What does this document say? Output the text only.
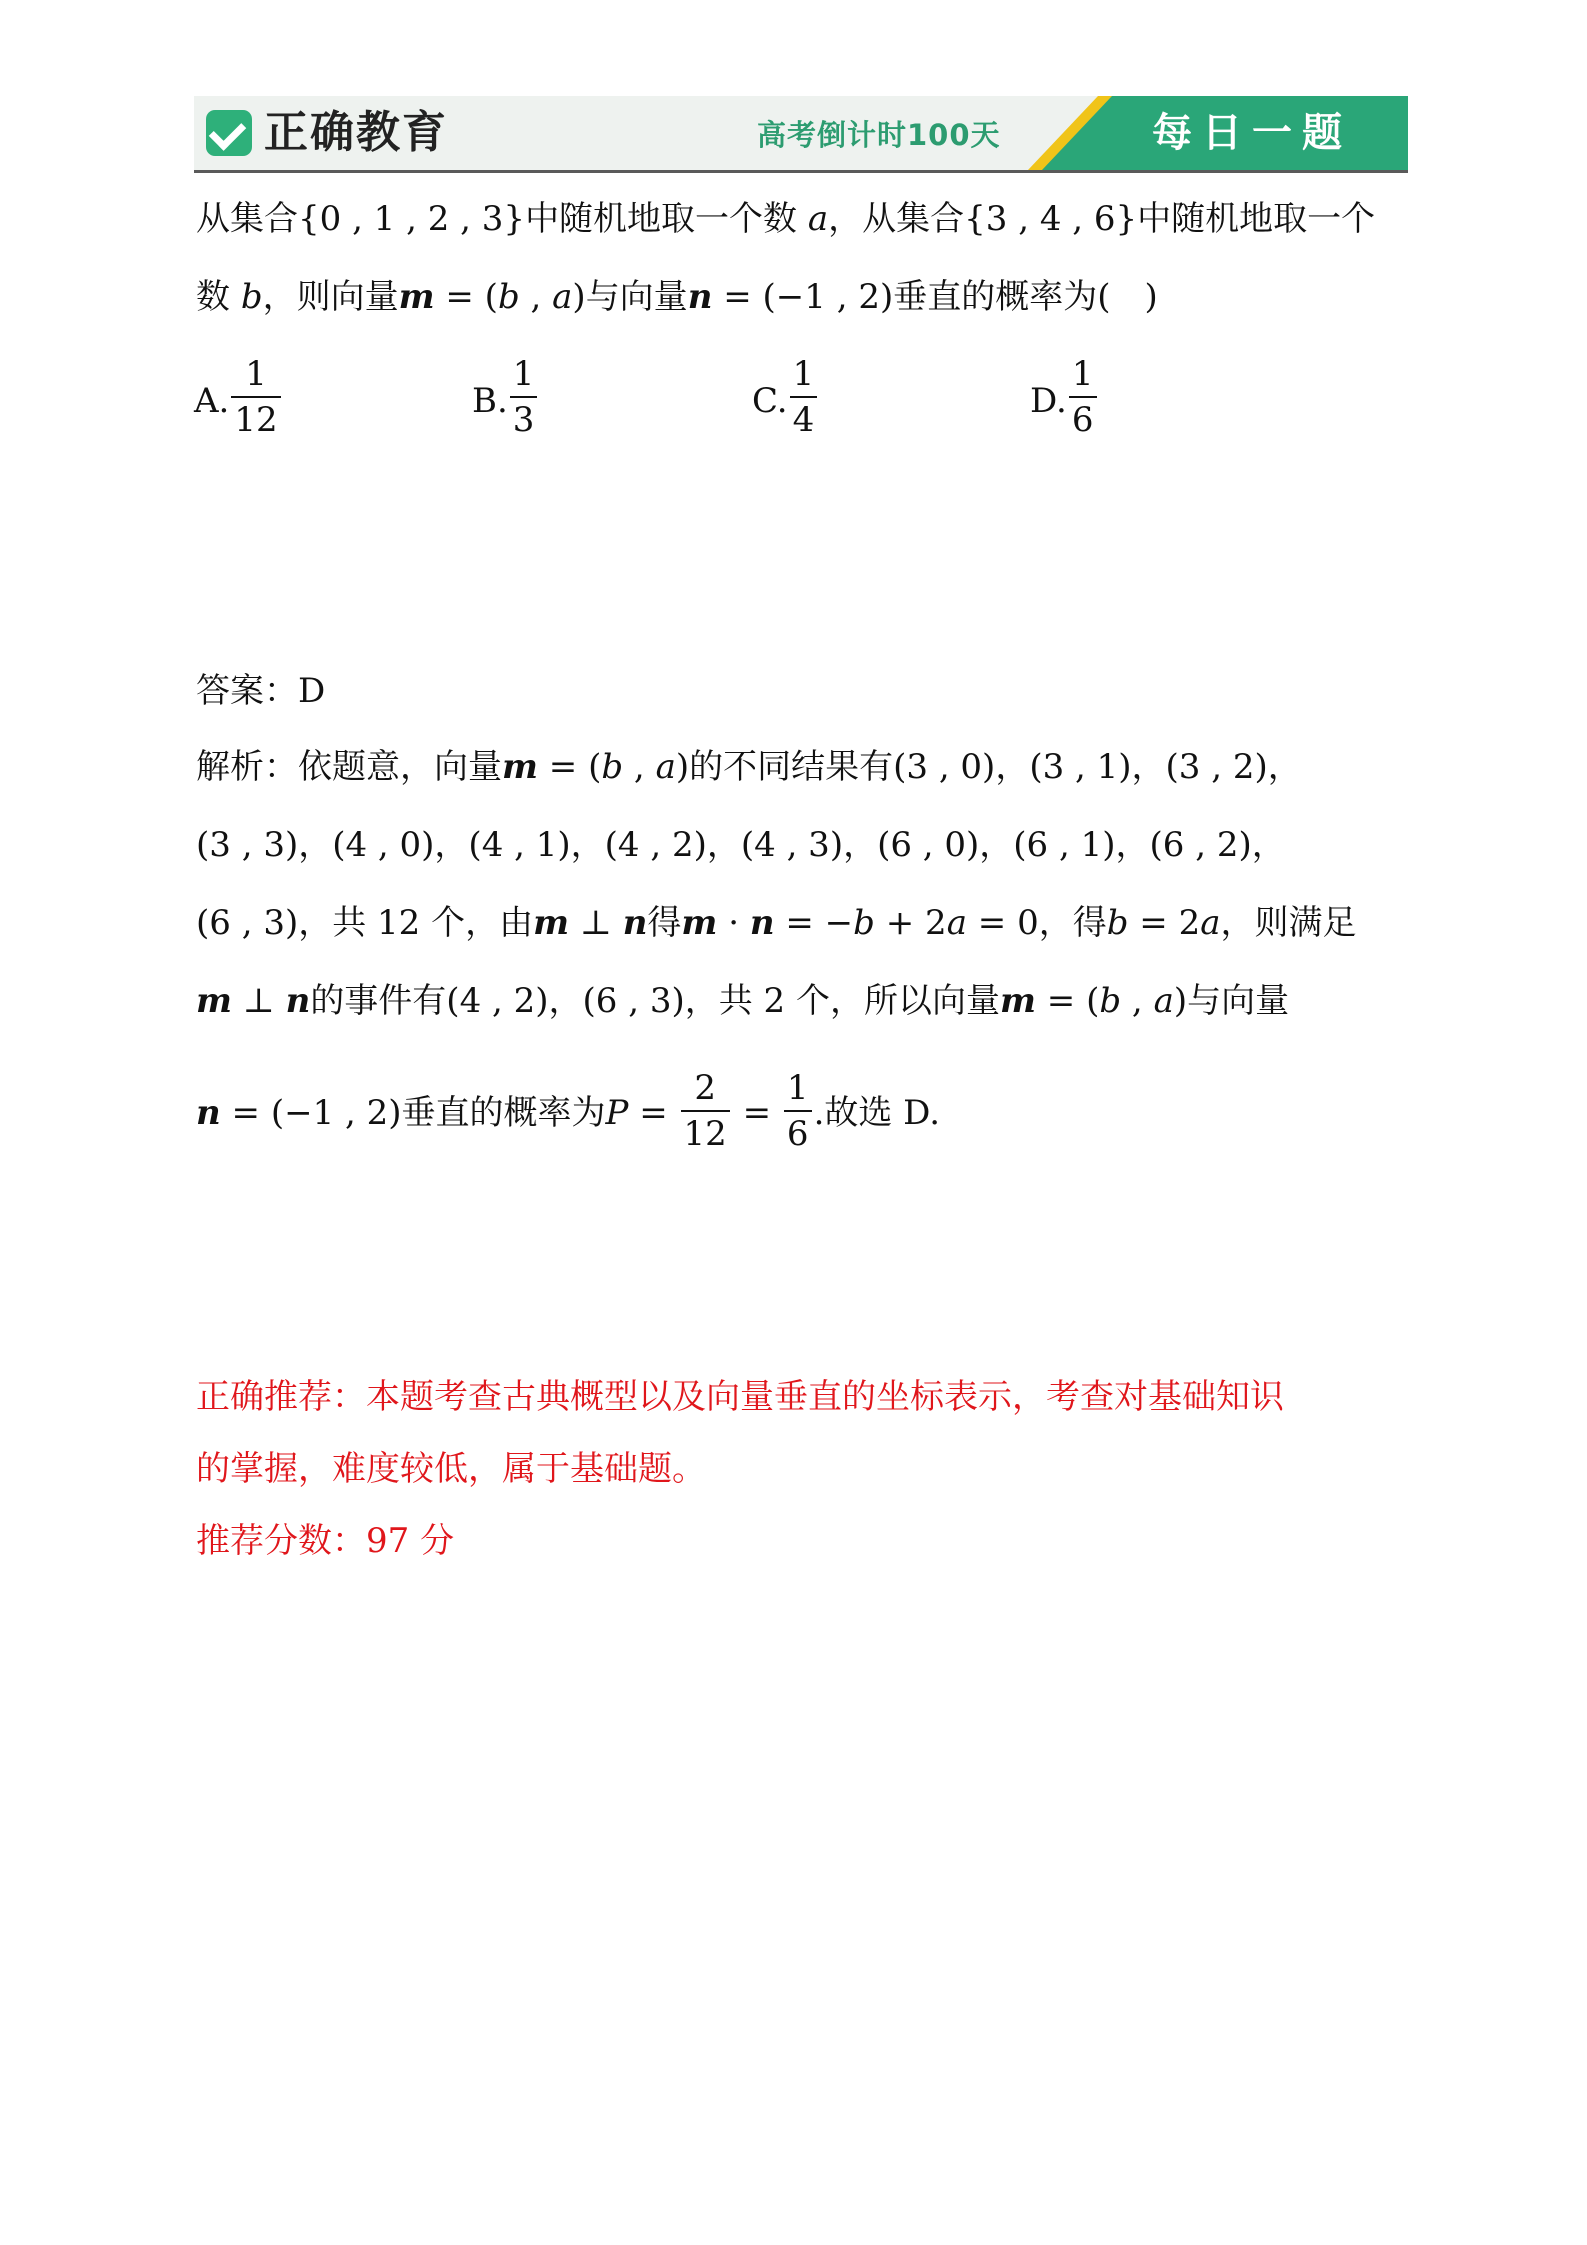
正确教育	高考倒计时100天	每日一题
从集合{0 , 1 , 2 , 3}中随机地取一个数 a，从集合{3 , 4 , 6}中随机地取一个
数 b，则向量m = (b , a)与向量n = (−1 , 2)垂直的概率为(　)
A. $\frac{1}{12}$	B. $\frac{1}{3}$	C. $\frac{1}{4}$	D. $\frac{1}{6}$
答案：D
解析：依题意，向量m = (b , a)的不同结果有(3 , 0)，(3 , 1)，(3 , 2)，
(3 , 3)，(4 , 0)，(4 , 1)，(4 , 2)，(4 , 3)，(6 , 0)，(6 , 1)，(6 , 2)，
(6 , 3)，共 12 个，由m ⊥ n得m · n = −b + 2a = 0，得b = 2a，则满足
m ⊥ n的事件有(4 , 2)，(6 , 3)，共 2 个，所以向量m = (b , a)与向量
n = (−1 , 2)垂直的概率为$P = \frac{2}{12} = \frac{1}{6}$ .故选 D.
正确推荐：本题考查古典概型以及向量垂直的坐标表示，考查对基础知识
的掌握，难度较低，属于基础题。
推荐分数：97 分
